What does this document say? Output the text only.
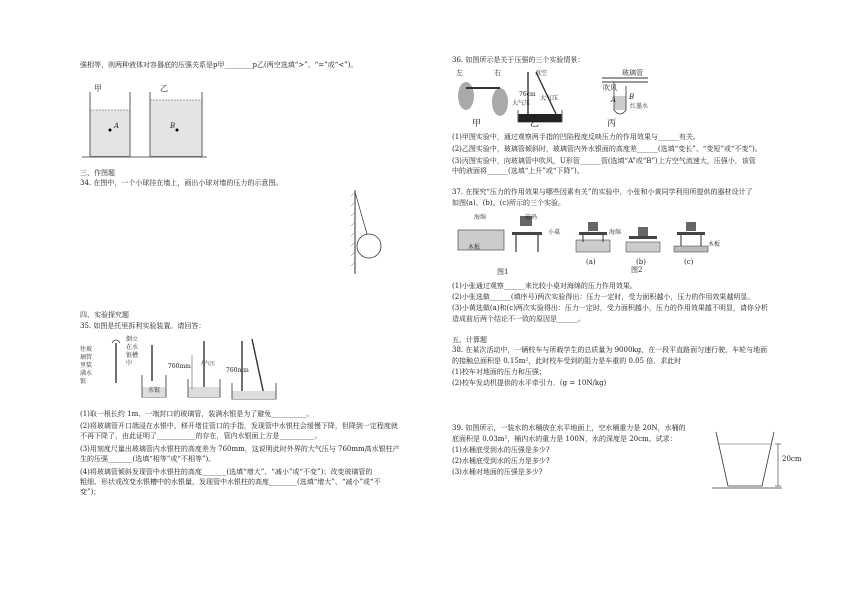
强相等，则两种液体对容器底的压强关系是p甲________p乙(两空选填“>”、“=”或“<”)。
甲	乙
A	B
三、作图题
34. 在图中，一个小球挂在墙上，画出小球对墙的压力的示意图。
四、实验探究题
35. 如图是托里拆利实验装置。请回答：
往玻
璃管
里装
满水
银
倒立
在水
银槽
中
水银
760mm 大气压
760mm
(1)取一根长约 1m、一端封口的玻璃管，装满水银是为了避免__________。
(2)将玻璃管开口端浸在水银中，移开堵住管口的手指，发现管中水银柱会缓慢下降，但降到一定程度就
不再下降了，由此证明了___________的存在，管内水银面上方是__________。
(3)用刻度尺量出玻璃管内水银柱的高度差为 760mm，这说明此时外界的大气压与 760mm高水银柱产
生的压强_______(选填“相等”或“不相等”)。
(4)将玻璃管倾斜发现管中水银柱的高度_______(选填“增大”、“减小”或“不变”)；改变玻璃管的
粗细、形状或改变水银槽中的水银量，发现管中水银柱的高度________(选填“增大”、“减小”或“不
变”)；
36. 如图所示是关于压强的三个实验情景：
左	右	真空
76cm
大气压
大气压
吹风
玻璃管
A B
红墨水
甲	乙	丙
(1)甲图实验中，通过观察两手指的凹陷程度反映压力的作用效果与______有关。
(2)乙图实验中，玻璃管倾斜时，玻璃管内外水银面的高度差______(选填“变长”、“变短”或“不变”)。
(3)丙图实验中，向玻璃管中吹风，U形管______管(选填“A”或“B”)上方空气流速大，压强小，该管
中的液面将______(选填“上升”或“下降”)。
37. 在探究“压力的作用效果与哪些因素有关”的实验中，小张和小黄同学利用所提供的器材设计了
如图(a)、(b)、(c)所示的三个实验。
海绵	砝码
小桌
木板
海绵
木板
图1	图2
(a)	(b)	(c)
(1)小张通过观察______来比较小桌对海绵的压力作用效果。
(2)小张选做______(填序号)两次实验得出：压力一定时，受力面积越小，压力的作用效果越明显。
(3)小黄选做(a)和(c)两次实验得出：压力一定时，受力面积越小，压力的作用效果越不明显，请你分析
造成前后两个结论不一致的原因是______。
五、计算题
38. 在某次活动中，一辆校车与所载学生的总质量为 9000kg，在一段平直路面匀速行驶，车轮与地面
的接触总面积是 0.15m²，此时校车受到的阻力是车重的 0.05 倍．求此时
(1)校车对地面的压力和压强；
(2)校车发动机提供的水平牵引力．(g = 10N/kg)
39. 如图所示，一装水的水桶放在水平地面上，空水桶重力是 20N，水桶的
底面积是 0.03m²，桶内水的重力是 100N，水的深度是 20cm。试求：
(1)水桶底受到水的压强是多少?
(2)水桶底受到水的压力是多少?
(3)水桶对地面的压强是多少?
20cm
